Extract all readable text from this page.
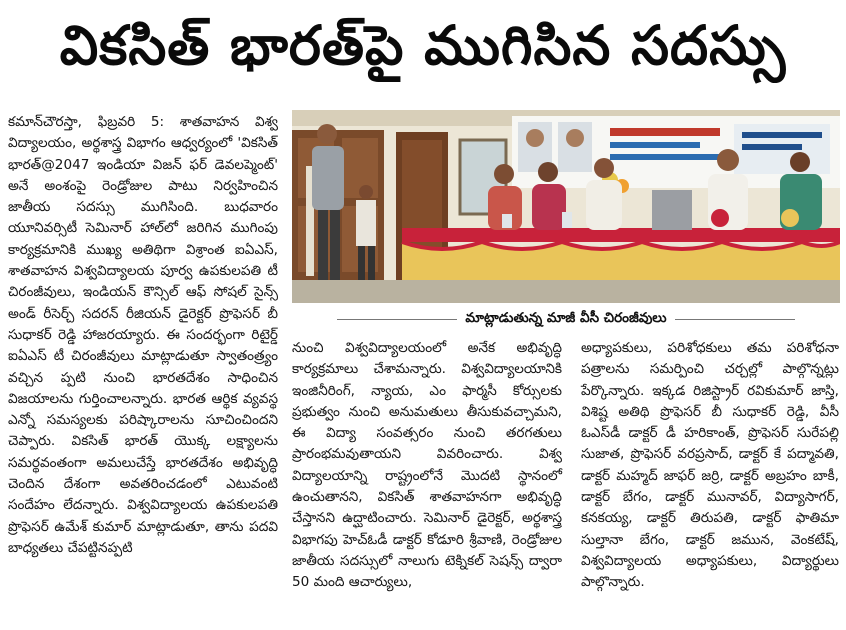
వికసిత్ భారత్‌పై ముగిసిన సదస్సు
కమాన్‌చౌరస్తా, ఫిబ్రవరి 5: శాతవాహన విశ్వ విద్యాలయం, అర్థశాస్త్ర విభాగం ఆధ్వర్యంలో 'వికసిత్ భారత్@2047 ఇండియా విజన్ ఫర్ డెవలప్మెంట్' అనే అంశంపై రెండ్రోజుల పాటు నిర్వహించిన జాతీయ సదస్సు ముగిసింది. బుధవారం యూనివర్సిటీ సెమినార్ హాల్‌లో జరిగిన ముగింపు కార్యక్రమానికి ముఖ్య అతిథిగా విశ్రాంత ఐఏఎస్, శాతవాహన విశ్వవిద్యాలయ పూర్వ ఉపకులపతి టీ చిరంజీవులు, ఇండియన్ కౌన్సిల్ ఆఫ్ సోషల్ సైన్స్ అండ్ రీసెర్చ్ సదరన్ రీజియన్ డైరెక్టర్ ప్రొఫెసర్ బీ సుధాకర్ రెడ్డి హాజరయ్యారు. ఈ సందర్భంగా రిటైర్డ్ ఐఏఎస్ టీ చిరంజీవులు మాట్లాడుతూ స్వాతంత్ర్యం వచ్చిన ప్పటి నుంచి భారతదేశం సాధించిన విజయాలను గుర్తించాలన్నారు. భారత ఆర్థిక వ్యవస్థ ఎన్నో సమస్యలకు పరిష్కారాలను సూచించిందని చెప్పారు. వికసిత్ భారత్ యొక్క లక్ష్యాలను సమర్థవంతంగా అమలుచేస్తే భారతదేశం అభివృద్ధి చెందిన దేశంగా అవతరించడంలో ఎటువంటి సందేహం లేదన్నారు. విశ్వవిద్యాలయ ఉపకులపతి ప్రొఫెసర్ ఉమేశ్ కుమార్ మాట్లాడుతూ, తాను పదవి బాధ్యతలు చేపట్టినప్పటి
మాట్లాడుతున్న మాజీ వీసీ చిరంజీవులు
నుంచి విశ్వవిద్యాలయంలో అనేక అభివృద్ధి కార్యక్రమాలు చేశామన్నారు. విశ్వవిద్యాలయానికి ఇంజినీరింగ్, న్యాయ, ఎం ఫార్మసీ కోర్సులకు ప్రభుత్వం నుంచి అనుమతులు తీసుకువచ్చామని, ఈ విద్యా సంవత్సరం నుంచి తరగతులు ప్రారంభమవుతాయని వివరించారు. విశ్వ విద్యాలయాన్ని రాష్ట్రంలోనే మొదటి స్థానంలో ఉంచుతానని, వికసిత్ శాతవాహనగా అభివృద్ధి చేస్తానని ఉద్ఘాటించారు. సెమినార్ డైరెక్టర్, అర్థశాస్త్ర విభాగపు హెచ్‌ఓడీ డాక్టర్ కోడూరి శ్రీవాణి, రెండ్రోజుల జాతీయ సదస్సులో నాలుగు టెక్నికల్ సెషన్స్ ద్వారా 50 మంది ఆచార్యులు,
అధ్యాపకులు, పరిశోధకులు తమ పరిశోధనా పత్రాలను సమర్పించి చర్చల్లో పాల్గొన్నట్లు పేర్కొన్నారు. ఇక్కడ రిజిస్ట్రార్ రవికుమార్ జాస్తి, విశిష్ట అతిథి ప్రొఫెసర్ బీ సుధాకర్ రెడ్డి, వీసీ ఓఎస్‌డీ డాక్టర్ డీ హరికాంత్, ప్రొఫెసర్ సురేపల్లి సుజాత, ప్రొఫెసర్ వరప్రసాద్, డాక్టర్ కే పద్మావతి, డాక్టర్ మహ్మద్ జాఫర్ జర్రి, డాక్టర్ అబ్రహం బాకీ, డాక్టర్ బేగం, డాక్టర్ మునావర్, విద్యాసాగర్, కనకయ్య, డాక్టర్ తిరుపతి, డాక్టర్ ఫాతిమా సుల్తానా బేగం, డాక్టర్ జమున, వెంకటేష్, విశ్వవిద్యాలయ అధ్యాపకులు, విద్యార్థులు పాల్గొన్నారు.
